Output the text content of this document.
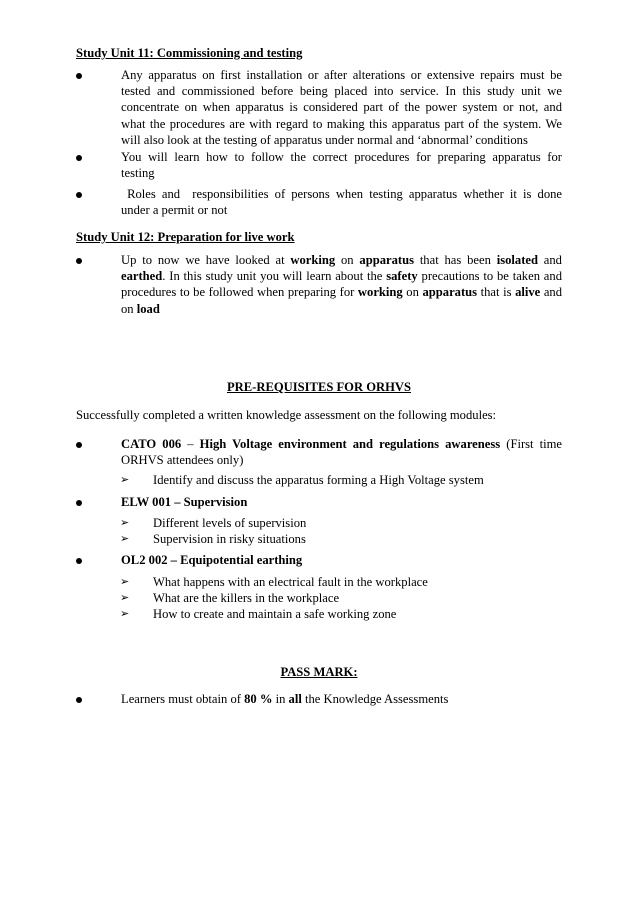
Study Unit 11: Commissioning and testing
Any apparatus on first installation or after alterations or extensive repairs must be
tested and commissioned before being placed into service. In this study unit we
concentrate on when apparatus is considered part of the power system or not, and
what the procedures are with regard to making this apparatus part of the system. We
will also look at the testing of apparatus under normal and ‘abnormal’ conditions
You will learn how to follow the correct procedures for preparing apparatus for
testing
Roles and  responsibilities of persons when testing apparatus whether it is done
under a permit or not
Study Unit 12: Preparation for live work
Up to now we have looked at working on apparatus that has been isolated and
earthed. In this study unit you will learn about the safety precautions to be taken and
procedures to be followed when preparing for working on apparatus that is alive and
on load
PRE-REQUISITES FOR ORHVS
Successfully completed a written knowledge assessment on the following modules:
CATO 006 – High Voltage environment and regulations awareness (First time
ORHVS attendees only)
➢ Identify and discuss the apparatus forming a High Voltage system
ELW 001 – Supervision
➢ Different levels of supervision
➢ Supervision in risky situations
OL2 002 – Equipotential earthing
➢ What happens with an electrical fault in the workplace
➢ What are the killers in the workplace
➢ How to create and maintain a safe working zone
PASS MARK:
Learners must obtain of 80 % in all the Knowledge Assessments
